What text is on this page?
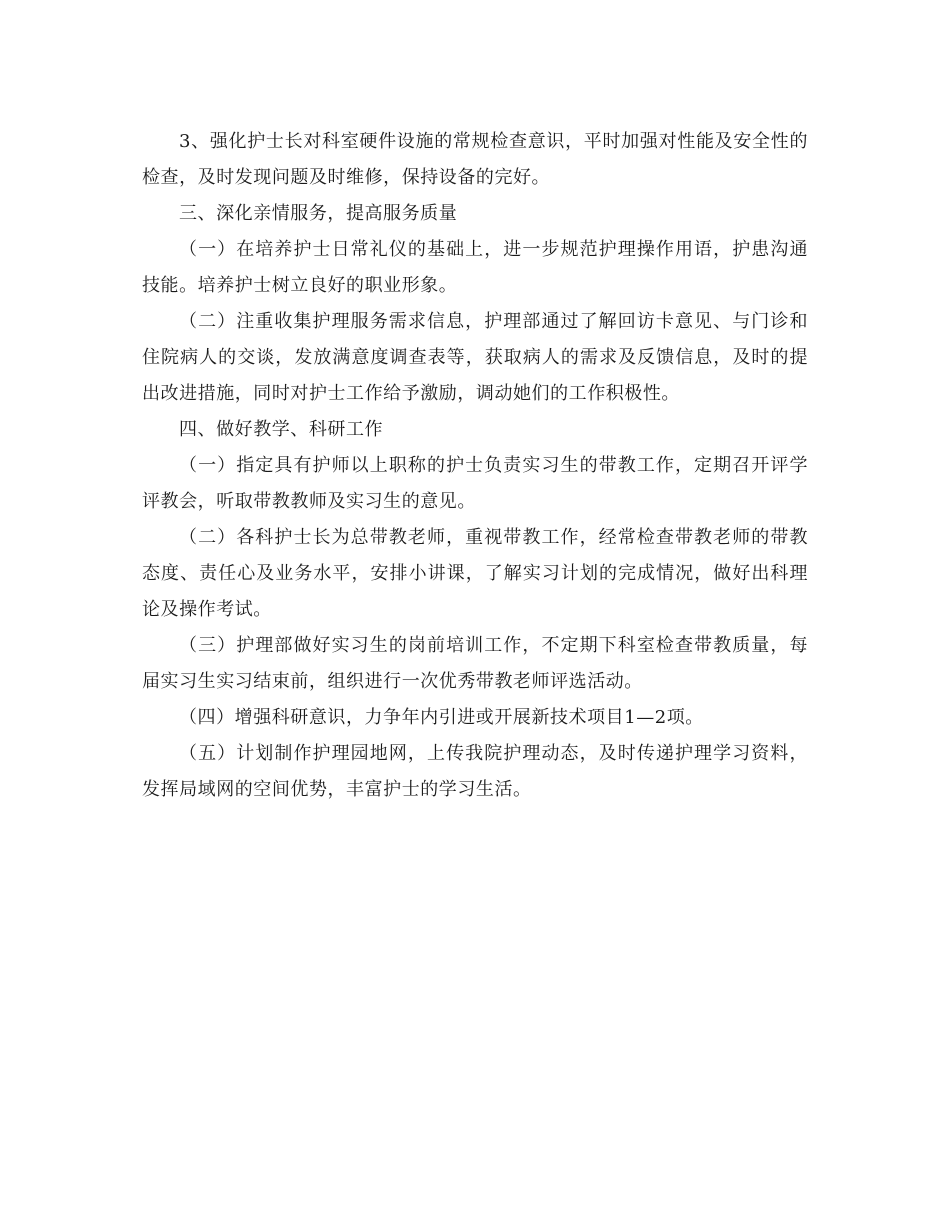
3、强化护士长对科室硬件设施的常规检查意识，平时加强对性能及安全性的检查，及时发现问题及时维修，保持设备的完好。

三、深化亲情服务，提高服务质量

（一）在培养护士日常礼仪的基础上，进一步规范护理操作用语，护患沟通技能。培养护士树立良好的职业形象。

（二）注重收集护理服务需求信息，护理部通过了解回访卡意见、与门诊和住院病人的交谈，发放满意度调查表等，获取病人的需求及反馈信息，及时的提出改进措施，同时对护士工作给予激励，调动她们的工作积极性。

四、做好教学、科研工作

（一）指定具有护师以上职称的护士负责实习生的带教工作，定期召开评学评教会，听取带教教师及实习生的意见。

（二）各科护士长为总带教老师，重视带教工作，经常检查带教老师的带教态度、责任心及业务水平，安排小讲课，了解实习计划的完成情况，做好出科理论及操作考试。

（三）护理部做好实习生的岗前培训工作，不定期下科室检查带教质量，每届实习生实习结束前，组织进行一次优秀带教老师评选活动。

（四）增强科研意识，力争年内引进或开展新技术项目1—2项。

（五）计划制作护理园地网，上传我院护理动态，及时传递护理学习资料，发挥局域网的空间优势，丰富护士的学习生活。
